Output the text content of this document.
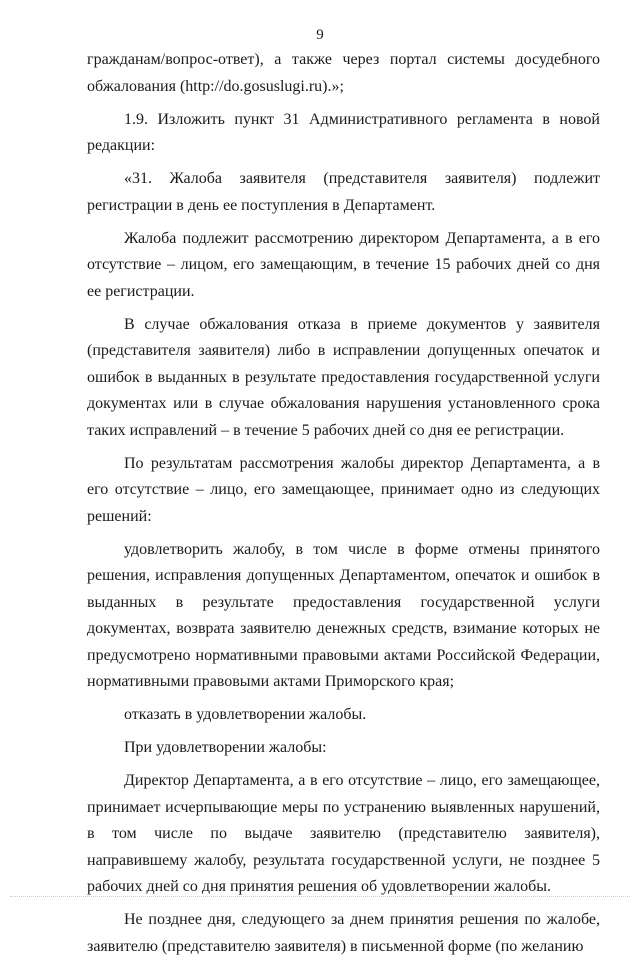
9

гражданам/вопрос-ответ), а также через портал системы досудебного обжалования (http://do.gosuslugi.ru).»;

1.9. Изложить пункт 31 Административного регламента в новой редакции:

«31. Жалоба заявителя (представителя заявителя) подлежит регистрации в день ее поступления в Департамент.

Жалоба подлежит рассмотрению директором Департамента, а в его отсутствие – лицом, его замещающим, в течение 15 рабочих дней со дня ее регистрации.

В случае обжалования отказа в приеме документов у заявителя (представителя заявителя) либо в исправлении допущенных опечаток и ошибок в выданных в результате предоставления государственной услуги документах или в случае обжалования нарушения установленного срока таких исправлений – в течение 5 рабочих дней со дня ее регистрации.

По результатам рассмотрения жалобы директор Департамента, а в его отсутствие – лицо, его замещающее, принимает одно из следующих решений:

удовлетворить жалобу, в том числе в форме отмены принятого решения, исправления допущенных Департаментом, опечаток и ошибок в выданных в результате предоставления государственной услуги документах, возврата заявителю денежных средств, взимание которых не предусмотрено нормативными правовыми актами Российской Федерации, нормативными правовыми актами Приморского края;

отказать в удовлетворении жалобы.

При удовлетворении жалобы:

Директор Департамента, а в его отсутствие – лицо, его замещающее, принимает исчерпывающие меры по устранению выявленных нарушений, в том числе по выдаче заявителю (представителю заявителя), направившему жалобу, результата государственной услуги, не позднее 5 рабочих дней со дня принятия решения об удовлетворении жалобы.

Не позднее дня, следующего за днем принятия решения по жалобе, заявителю (представителю заявителя) в письменной форме (по желанию
